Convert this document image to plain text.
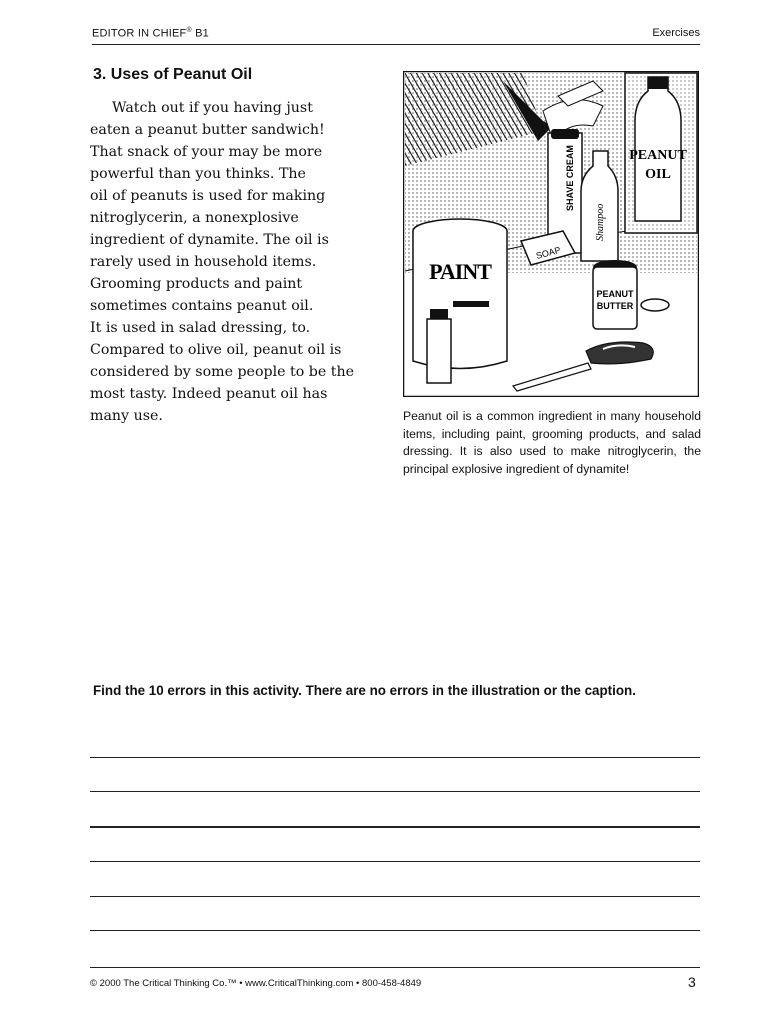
EDITOR IN CHIEF® B1	Exercises
3. Uses of Peanut Oil
Watch out if you having just
eaten a peanut butter sandwich!
That snack of your may be more
powerful than you thinks. The
oil of peanuts is used for making
nitroglycerin, a nonexplosive
ingredient of dynamite. The oil is
rarely used in household items.
Grooming products and paint
sometimes contains peanut oil.
It is used in salad dressing, to.
Compared to olive oil, peanut oil is
considered by some people to be the
most tasty. Indeed peanut oil has
many use.
PEANUT
OIL
SHAVE CREAM
Shampoo
SOAP
PAINT
PEANUT
BUTTER
Peanut oil is a common ingredient in many household items, including paint, grooming products, and salad dressing. It is also used to make nitroglycerin, the principal explosive ingredient of dynamite!
Find the 10 errors in this activity. There are no errors in the illustration or the caption.
© 2000 The Critical Thinking Co.™ • www.CriticalThinking.com • 800-458-4849	3
